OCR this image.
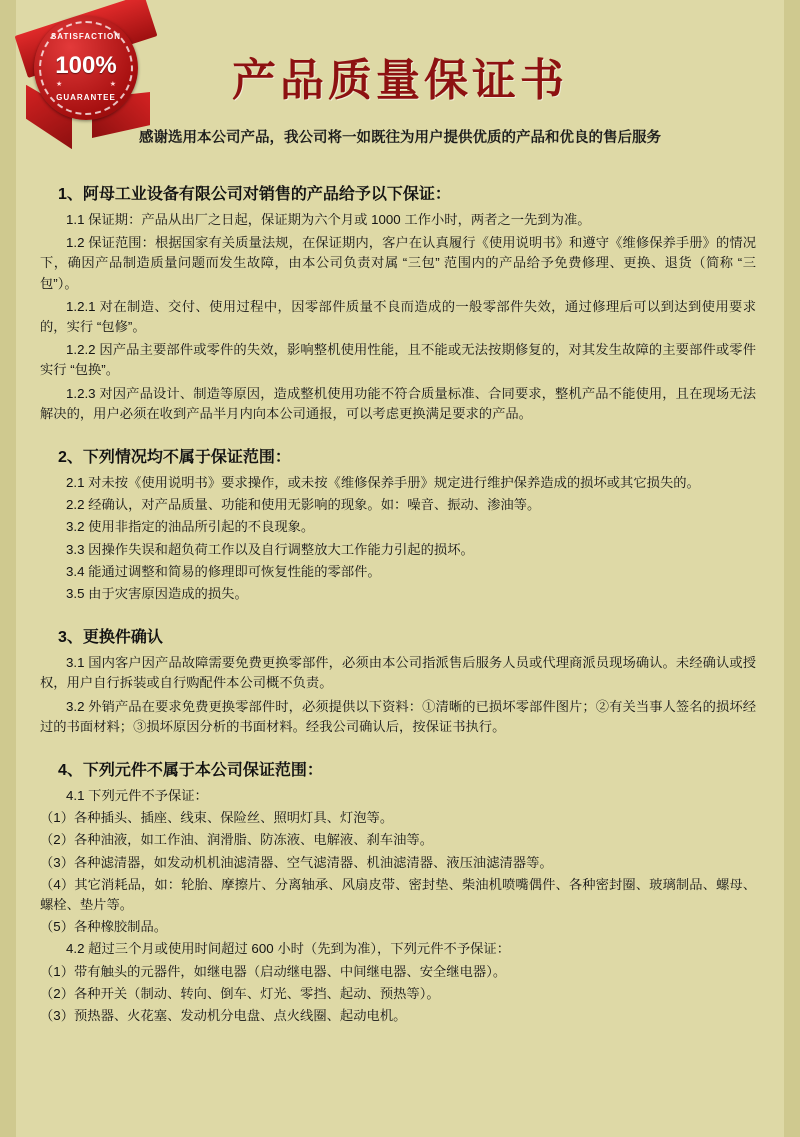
SATISFACTION
100%
★	★
GUARANTEE	产品质量保证书
感谢选用本公司产品，我公司将一如既往为用户提供优质的产品和优良的售后服务
1、阿母工业设备有限公司对销售的产品给予以下保证：

1.1 保证期：产品从出厂之日起，保证期为六个月或 1000 工作小时，两者之一先到为准。

1.2 保证范围：根据国家有关质量法规，在保证期内，客户在认真履行《使用说明书》和遵守《维修保养手册》的情况下，确因产品制造质量问题而发生故障，由本公司负责对属 “三包” 范围内的产品给予免费修理、更换、退货（简称 “三包”）。

1.2.1 对在制造、交付、使用过程中，因零部件质量不良而造成的一般零部件失效，通过修理后可以到达到使用要求的，实行 “包修”。

1.2.2 因产品主要部件或零件的失效，影响整机使用性能，且不能或无法按期修复的，对其发生故障的主要部件或零件实行 “包换”。

1.2.3 对因产品设计、制造等原因，造成整机使用功能不符合质量标准、合同要求，整机产品不能使用，且在现场无法解决的，用户必须在收到产品半月内向本公司通报，可以考虑更换满足要求的产品。

2、下列情况均不属于保证范围：

2.1 对未按《使用说明书》要求操作，或未按《维修保养手册》规定进行维护保养造成的损坏或其它损失的。

2.2 经确认，对产品质量、功能和使用无影响的现象。如：噪音、振动、渗油等。

3.2 使用非指定的油品所引起的不良现象。

3.3 因操作失误和超负荷工作以及自行调整放大工作能力引起的损坏。

3.4 能通过调整和简易的修理即可恢复性能的零部件。

3.5 由于灾害原因造成的损失。

3、更换件确认

3.1 国内客户因产品故障需要免费更换零部件，必须由本公司指派售后服务人员或代理商派员现场确认。未经确认或授权，用户自行拆装或自行购配件本公司概不负责。

3.2 外销产品在要求免费更换零部件时，必须提供以下资料：①清晰的已损坏零部件图片；②有关当事人签名的损坏经过的书面材料；③损坏原因分析的书面材料。经我公司确认后，按保证书执行。

4、下列元件不属于本公司保证范围：

4.1 下列元件不予保证：

（1）各种插头、插座、线束、保险丝、照明灯具、灯泡等。

（2）各种油液，如工作油、润滑脂、防冻液、电解液、刹车油等。

（3）各种滤清器，如发动机机油滤清器、空气滤清器、机油滤清器、液压油滤清器等。

（4）其它消耗品，如：轮胎、摩擦片、分离轴承、风扇皮带、密封垫、柴油机喷嘴偶件、各种密封圈、玻璃制品、螺母、螺栓、垫片等。

（5）各种橡胶制品。

4.2 超过三个月或使用时间超过 600 小时（先到为准），下列元件不予保证：

（1）带有触头的元器件，如继电器（启动继电器、中间继电器、安全继电器）。

（2）各种开关（制动、转向、倒车、灯光、零挡、起动、预热等）。

（3）预热器、火花塞、发动机分电盘、点火线圈、起动电机。
